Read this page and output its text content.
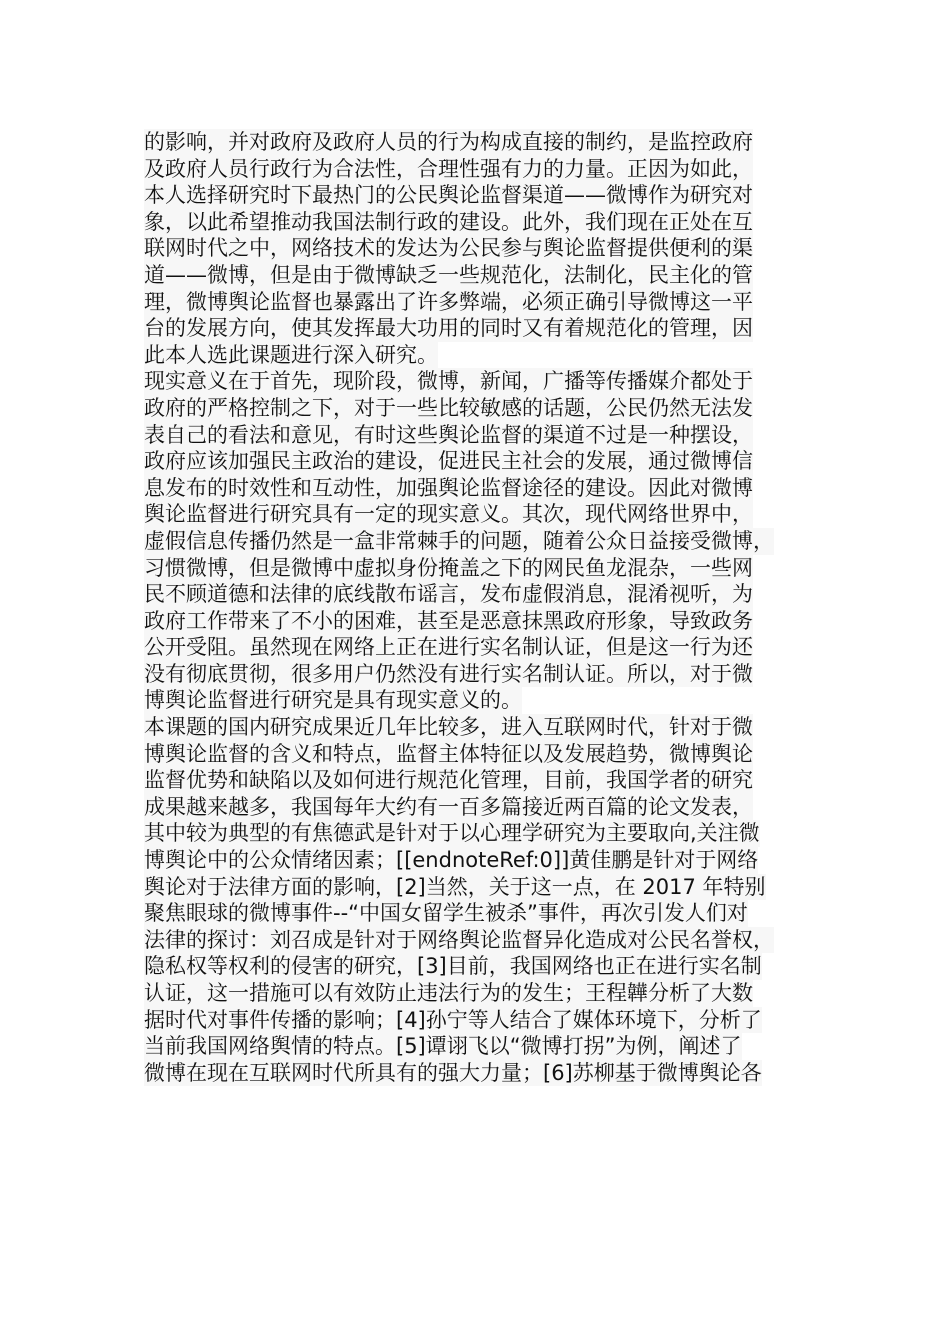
的影响，并对政府及政府人员的行为构成直接的制约，是监控政府
及政府人员行政行为合法性，合理性强有力的力量。正因为如此，
本人选择研究时下最热门的公民舆论监督渠道——微博作为研究对
象，以此希望推动我国法制行政的建设。此外，我们现在正处在互
联网时代之中，网络技术的发达为公民参与舆论监督提供便利的渠
道——微博，但是由于微博缺乏一些规范化，法制化，民主化的管
理，微博舆论监督也暴露出了许多弊端，必须正确引导微博这一平
台的发展方向，使其发挥最大功用的同时又有着规范化的管理，因
此本人选此课题进行深入研究。
现实意义在于首先，现阶段，微博，新闻，广播等传播媒介都处于
政府的严格控制之下，对于一些比较敏感的话题，公民仍然无法发
表自己的看法和意见，有时这些舆论监督的渠道不过是一种摆设，
政府应该加强民主政治的建设，促进民主社会的发展，通过微博信
息发布的时效性和互动性，加强舆论监督途径的建设。因此对微博
舆论监督进行研究具有一定的现实意义。其次，现代网络世界中，
虚假信息传播仍然是一盒非常棘手的问题，随着公众日益接受微博，
习惯微博，但是微博中虚拟身份掩盖之下的网民鱼龙混杂，一些网
民不顾道德和法律的底线散布谣言，发布虚假消息，混淆视听，为
政府工作带来了不小的困难，甚至是恶意抹黑政府形象，导致政务
公开受阻。虽然现在网络上正在进行实名制认证，但是这一行为还
没有彻底贯彻，很多用户仍然没有进行实名制认证。所以，对于微
博舆论监督进行研究是具有现实意义的。
本课题的国内研究成果近几年比较多，进入互联网时代，针对于微
博舆论监督的含义和特点，监督主体特征以及发展趋势，微博舆论
监督优势和缺陷以及如何进行规范化管理，目前，我国学者的研究
成果越来越多，我国每年大约有一百多篇接近两百篇的论文发表，
其中较为典型的有焦德武是针对于以心理学研究为主要取向,关注微
博舆论中的公众情绪因素；[[endnoteRef:0]]黄佳鹏是针对于网络
舆论对于法律方面的影响，[2]当然，关于这一点，在 2017 年特别
聚焦眼球的微博事件--“中国女留学生被杀”事件，再次引发人们对
法律的探讨：刘召成是针对于网络舆论监督异化造成对公民名誉权，
隐私权等权利的侵害的研究，[3]目前，我国网络也正在进行实名制
认证，这一措施可以有效防止违法行为的发生；王程韡分析了大数
据时代对事件传播的影响；[4]孙宁等人结合了媒体环境下，分析了
当前我国网络舆情的特点。[5]谭诩飞以“微博打拐”为例，阐述了
微博在现在互联网时代所具有的强大力量；[6]苏柳基于微博舆论各
